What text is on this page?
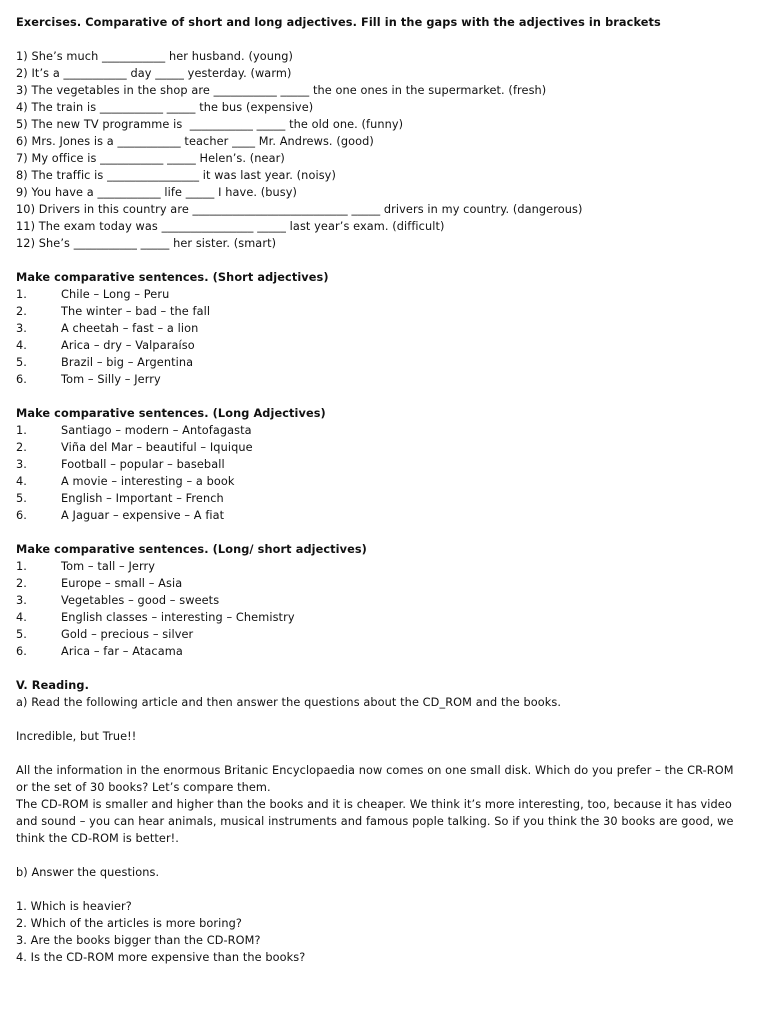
Exercises. Comparative of short and long adjectives. Fill in the gaps with the adjectives in brackets
1) She’s much ___________ her husband. (young)
2) It’s a ___________ day _____ yesterday. (warm)
3) The vegetables in the shop are ___________ _____ the one ones in the supermarket. (fresh)
4) The train is ___________ _____ the bus (expensive)
5) The new TV programme is  ___________ _____ the old one. (funny)
6) Mrs. Jones is a ___________ teacher ____ Mr. Andrews. (good)
7) My office is ___________ _____ Helen’s. (near)
8) The traffic is ________________ it was last year. (noisy)
9) You have a ___________ life _____ I have. (busy)
10) Drivers in this country are ___________________________ _____ drivers in my country. (dangerous)
11) The exam today was ________________ _____ last year’s exam. (difficult)
12) She’s ___________ _____ her sister. (smart)
Make comparative sentences. (Short adjectives)
1.	Chile – Long – Peru
2.	The winter – bad – the fall
3.	A cheetah – fast – a lion
4.	Arica – dry – Valparaíso
5.	Brazil – big – Argentina
6.	Tom – Silly – Jerry
Make comparative sentences. (Long Adjectives)
1.	Santiago – modern – Antofagasta
2.	Viña del Mar – beautiful – Iquique
3.	Football – popular – baseball
4.	A movie – interesting – a book
5.	English – Important – French
6.	A Jaguar – expensive – A fiat
Make comparative sentences. (Long/ short adjectives)
1.	Tom – tall – Jerry
2.	Europe – small – Asia
3.	Vegetables – good – sweets
4.	English classes – interesting – Chemistry
5.	Gold – precious – silver
6.	Arica – far – Atacama
V. Reading.
a) Read the following article and then answer the questions about the CD_ROM and the books.
Incredible, but True!!
All the information in the enormous Britanic Encyclopaedia now comes on one small disk. Which do you prefer – the CR-ROM or the set of 30 books? Let’s compare them.
The CD-ROM is smaller and higher than the books and it is cheaper. We think it’s more interesting, too, because it has video and sound – you can hear animals, musical instruments and famous pople talking. So if you think the 30 books are good, we think the CD-ROM is better!.
b) Answer the questions.
1. Which is heavier?
2. Which of the articles is more boring?
3. Are the books bigger than the CD-ROM?
4. Is the CD-ROM more expensive than the books?
